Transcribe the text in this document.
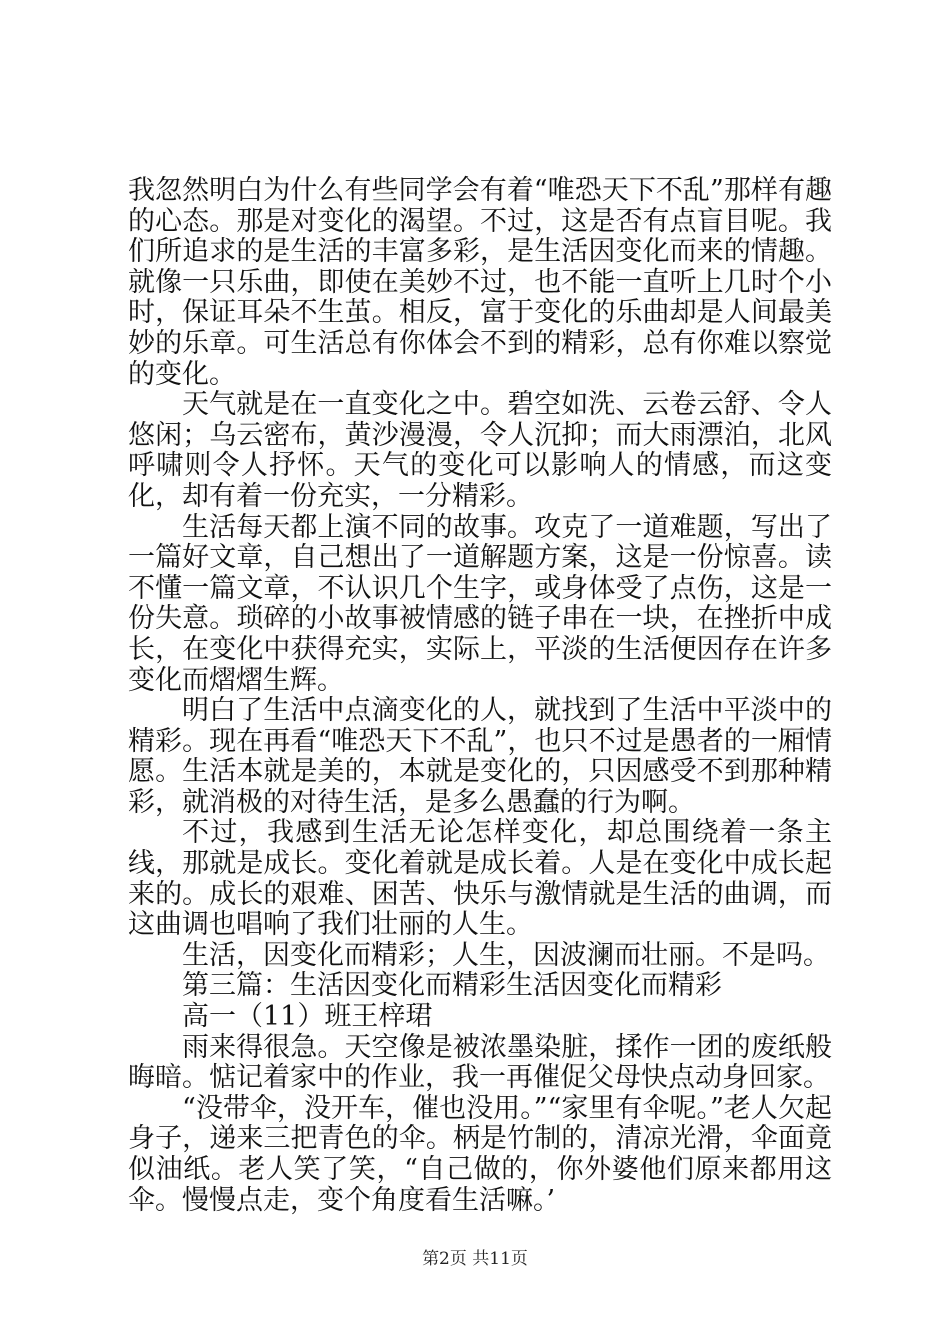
我忽然明白为什么有些同学会有着“唯恐天下不乱”那样有趣的心态。那是对变化的渴望。不过，这是否有点盲目呢。我们所追求的是生活的丰富多彩，是生活因变化而来的情趣。就像一只乐曲，即使在美妙不过，也不能一直听上几时个小时，保证耳朵不生茧。相反，富于变化的乐曲却是人间最美妙的乐章。可生活总有你体会不到的精彩，总有你难以察觉的变化。

天气就是在一直变化之中。碧空如洗、云卷云舒、令人悠闲；乌云密布，黄沙漫漫，令人沉抑；而大雨漂泊，北风呼啸则令人抒怀。天气的变化可以影响人的情感，而这变化，却有着一份充实，一分精彩。

生活每天都上演不同的故事。攻克了一道难题，写出了一篇好文章，自己想出了一道解题方案，这是一份惊喜。读不懂一篇文章，不认识几个生字，或身体受了点伤，这是一份失意。琐碎的小故事被情感的链子串在一块，在挫折中成长，在变化中获得充实，实际上，平淡的生活便因存在许多变化而熠熠生辉。

明白了生活中点滴变化的人，就找到了生活中平淡中的精彩。现在再看“唯恐天下不乱”，也只不过是愚者的一厢情愿。生活本就是美的，本就是变化的，只因感受不到那种精彩，就消极的对待生活，是多么愚蠢的行为啊。

不过，我感到生活无论怎样变化，却总围绕着一条主线，那就是成长。变化着就是成长着。人是在变化中成长起来的。成长的艰难、困苦、快乐与激情就是生活的曲调，而这曲调也唱响了我们壮丽的人生。

生活，因变化而精彩；人生，因波澜而壮丽。不是吗。

第三篇：生活因变化而精彩生活因变化而精彩

高一（11）班王梓珺

雨来得很急。天空像是被浓墨染脏，揉作一团的废纸般晦暗。惦记着家中的作业，我一再催促父母快点动身回家。

“没带伞，没开车，催也没用。”“家里有伞呢。”老人欠起身子，递来三把青色的伞。柄是竹制的，清凉光滑，伞面竟似油纸。老人笑了笑，“自己做的，你外婆他们原来都用这伞。慢慢点走，变个角度看生活嘛。’

第2页 共11页
